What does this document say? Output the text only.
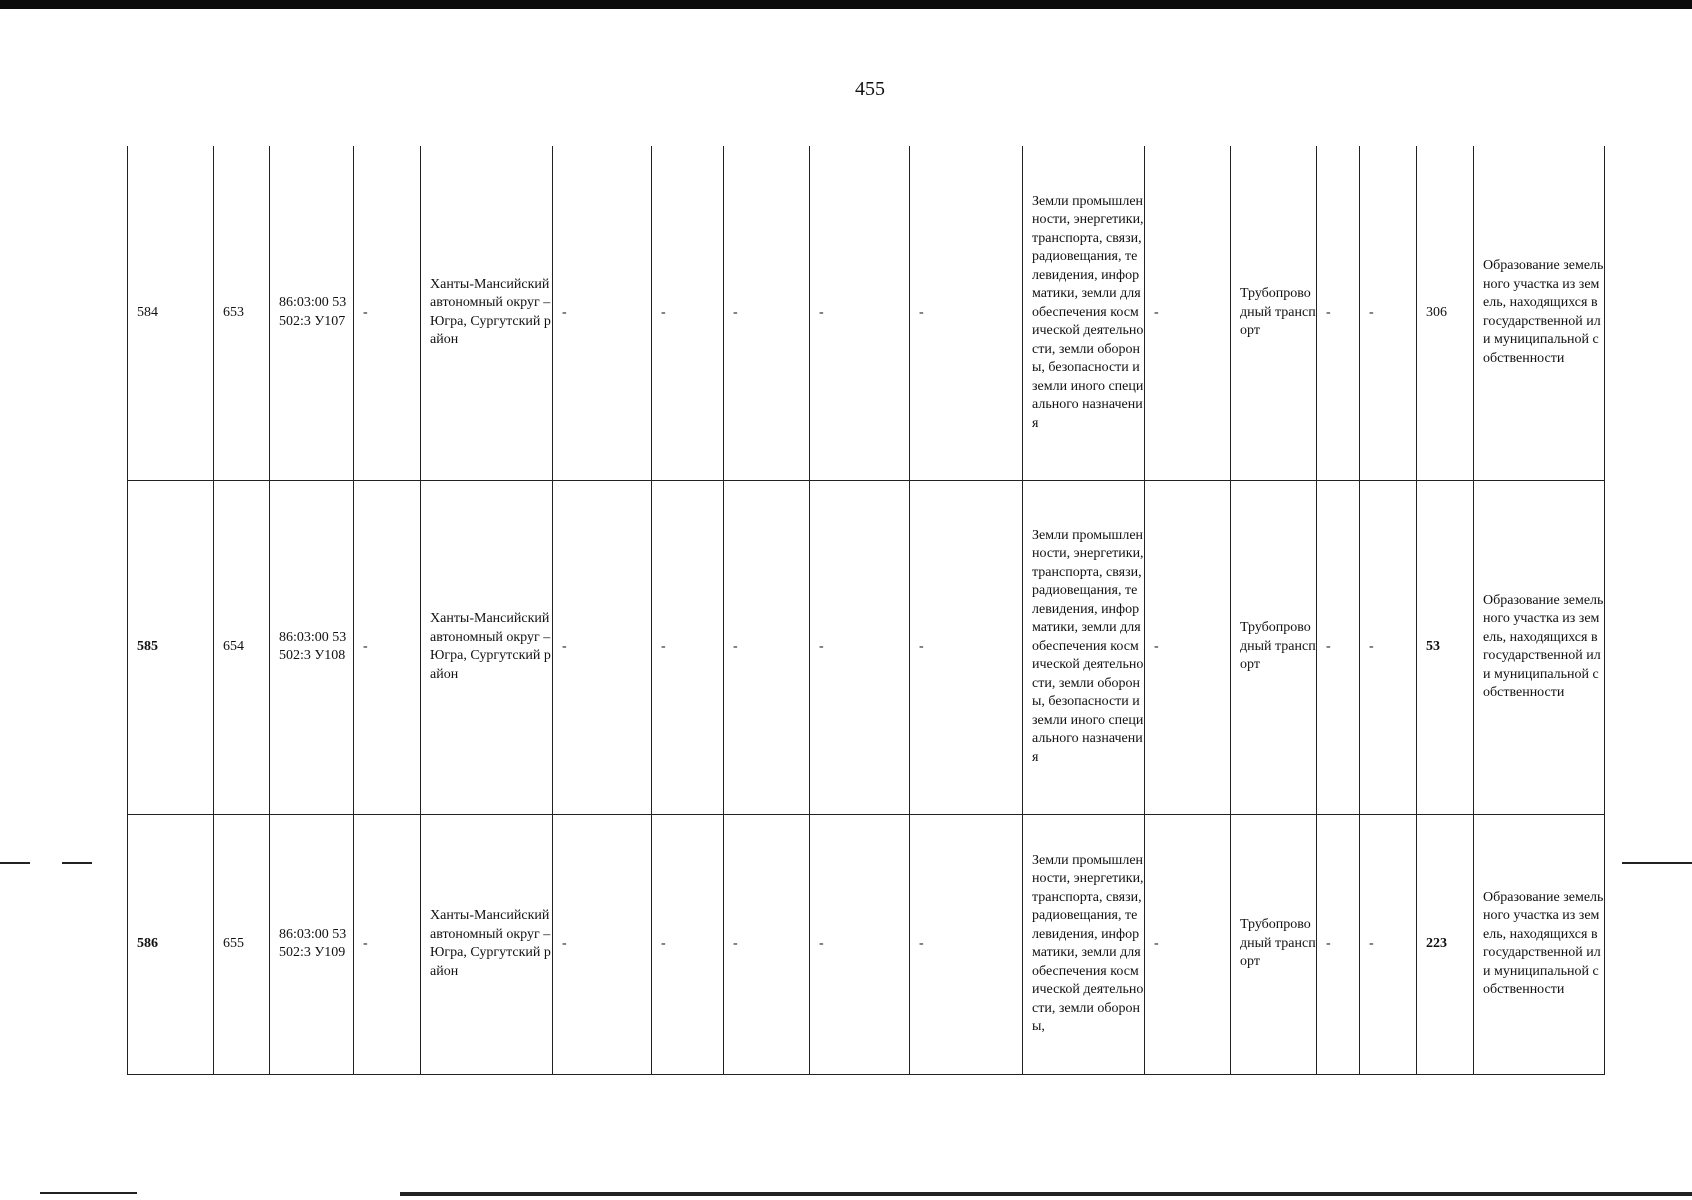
455
584	653	86:03:00 53502:3 У107	-	Ханты-Мансийский автономный округ – Югра, Сургутский район	-	-	-	-	-	Земли промышленности, энергетики, транспорта, связи, радиовещания, телевидения, информатики, земли для обеспечения космической деятельности, земли обороны, безопасности и земли иного специального назначения	-	Трубопроводный транспорт	-	-	306	Образование земельного участка из земель, находящихся в государственной или муниципальной собственности
585	654	86:03:00 53502:3 У108	-	Ханты-Мансийский автономный округ – Югра, Сургутский район	-	-	-	-	-	Земли промышленности, энергетики, транспорта, связи, радиовещания, телевидения, информатики, земли для обеспечения космической деятельности, земли обороны, безопасности и земли иного специального назначения	-	Трубопроводный транспорт	-	-	53	Образование земельного участка из земель, находящихся в государственной или муниципальной собственности
586	655	86:03:00 53502:3 У109	-	Ханты-Мансийский автономный округ – Югра, Сургутский район	-	-	-	-	-	Земли промышленности, энергетики, транспорта, связи, радиовещания, телевидения, информатики, земли для обеспечения космической деятельности, земли обороны,	-	Трубопроводный транспорт	-	-	223	Образование земельного участка из земель, находящихся в государственной или муниципальной собственности
